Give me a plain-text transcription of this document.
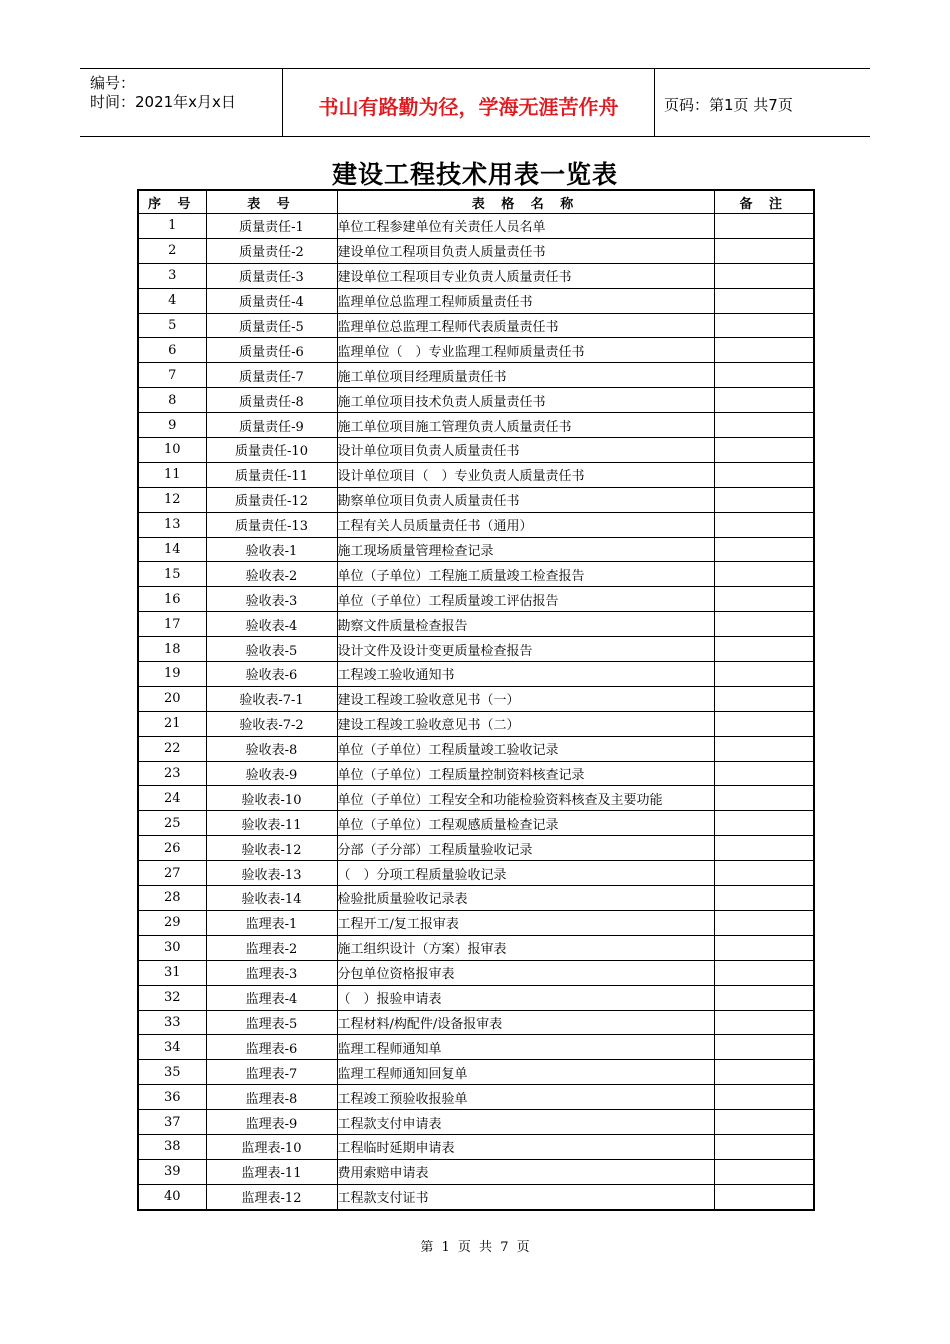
编号：
时间：2021年x月x日	书山有路勤为径，学海无涯苦作舟	页码：第1页 共7页
建设工程技术用表一览表
序 号	表 号	表 格 名 称	备 注
1	质量责任-1	单位工程参建单位有关责任人员名单	
2	质量责任-2	建设单位工程项目负责人质量责任书	
3	质量责任-3	建设单位工程项目专业负责人质量责任书	
4	质量责任-4	监理单位总监理工程师质量责任书	
5	质量责任-5	监理单位总监理工程师代表质量责任书	
6	质量责任-6	监理单位（　）专业监理工程师质量责任书	
7	质量责任-7	施工单位项目经理质量责任书	
8	质量责任-8	施工单位项目技术负责人质量责任书	
9	质量责任-9	施工单位项目施工管理负责人质量责任书	
10	质量责任-10	设计单位项目负责人质量责任书	
11	质量责任-11	设计单位项目（　）专业负责人质量责任书	
12	质量责任-12	勘察单位项目负责人质量责任书	
13	质量责任-13	工程有关人员质量责任书（通用）	
14	验收表-1	施工现场质量管理检查记录	
15	验收表-2	单位（子单位）工程施工质量竣工检查报告	
16	验收表-3	单位（子单位）工程质量竣工评估报告	
17	验收表-4	勘察文件质量检查报告	
18	验收表-5	设计文件及设计变更质量检查报告	
19	验收表-6	工程竣工验收通知书	
20	验收表-7-1	建设工程竣工验收意见书（一）	
21	验收表-7-2	建设工程竣工验收意见书（二）	
22	验收表-8	单位（子单位）工程质量竣工验收记录	
23	验收表-9	单位（子单位）工程质量控制资料核查记录	
24	验收表-10	单位（子单位）工程安全和功能检验资料核查及主要功能	
25	验收表-11	单位（子单位）工程观感质量检查记录	
26	验收表-12	分部（子分部）工程质量验收记录	
27	验收表-13	（　）分项工程质量验收记录	
28	验收表-14	检验批质量验收记录表	
29	监理表-1	工程开工/复工报审表	
30	监理表-2	施工组织设计（方案）报审表	
31	监理表-3	分包单位资格报审表	
32	监理表-4	（　）报验申请表	
33	监理表-5	工程材料/构配件/设备报审表	
34	监理表-6	监理工程师通知单	
35	监理表-7	监理工程师通知回复单	
36	监理表-8	工程竣工预验收报验单	
37	监理表-9	工程款支付申请表	
38	监理表-10	工程临时延期申请表	
39	监理表-11	费用索赔申请表	
40	监理表-12	工程款支付证书	
第 1 页 共 7 页
